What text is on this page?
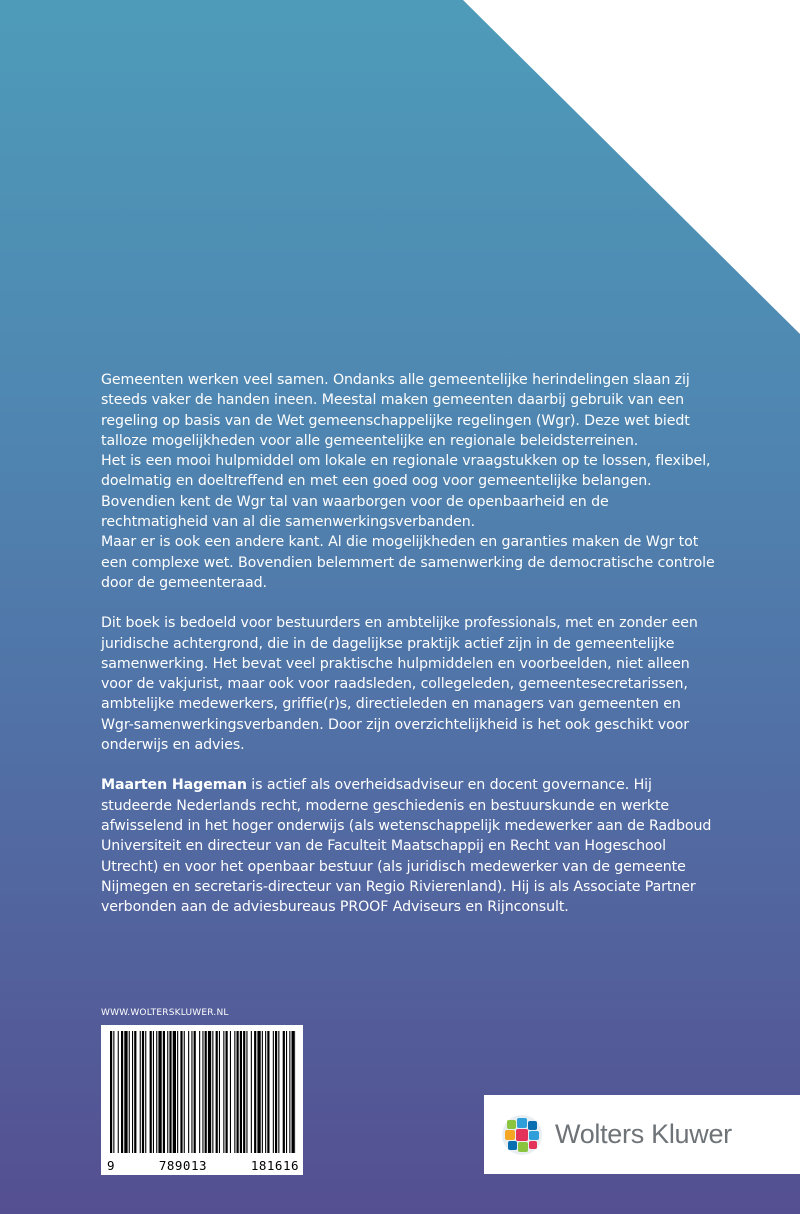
Gemeenten werken veel samen. Ondanks alle gemeentelijke herindelingen slaan zij steeds vaker de handen ineen. Meestal maken gemeenten daarbij gebruik van een regeling op basis van de Wet gemeenschappelijke regelingen (Wgr). Deze wet biedt talloze mogelijkheden voor alle gemeentelijke en regionale beleidsterreinen.

Het is een mooi hulpmiddel om lokale en regionale vraagstukken op te lossen, flexibel, doelmatig en doeltreffend en met een goed oog voor gemeentelijke belangen. Bovendien kent de Wgr tal van waarborgen voor de openbaarheid en de rechtmatigheid van al die samenwerkingsverbanden.

Maar er is ook een andere kant. Al die mogelijkheden en garanties maken de Wgr tot een complexe wet. Bovendien belemmert de samenwerking de democratische controle door de gemeenteraad.

Dit boek is bedoeld voor bestuurders en ambtelijke professionals, met en zonder een juridische achtergrond, die in de dagelijkse praktijk actief zijn in de gemeentelijke samenwerking. Het bevat veel praktische hulpmiddelen en voorbeelden, niet alleen voor de vakjurist, maar ook voor raadsleden, collegeleden, gemeentesecretarissen, ambtelijke medewerkers, griffie(r)s, directieleden en managers van gemeenten en Wgr-samenwerkingsverbanden. Door zijn overzichtelijkheid is het ook geschikt voor onderwijs en advies.

Maarten Hageman is actief als overheidsadviseur en docent governance. Hij studeerde Nederlands recht, moderne geschiedenis en bestuurskunde en werkte afwisselend in het hoger onderwijs (als wetenschappelijk medewerker aan de Radboud Universiteit en directeur van de Faculteit Maatschappij en Recht van Hogeschool Utrecht) en voor het openbaar bestuur (als juridisch medewerker van de gemeente Nijmegen en secretaris-directeur van Regio Rivierenland). Hij is als Associate Partner verbonden aan de adviesbureaus PROOF Adviseurs en Rijnconsult.

WWW.WOLTERSKLUWER.NL
9	789013	181616
Wolters Kluwer
